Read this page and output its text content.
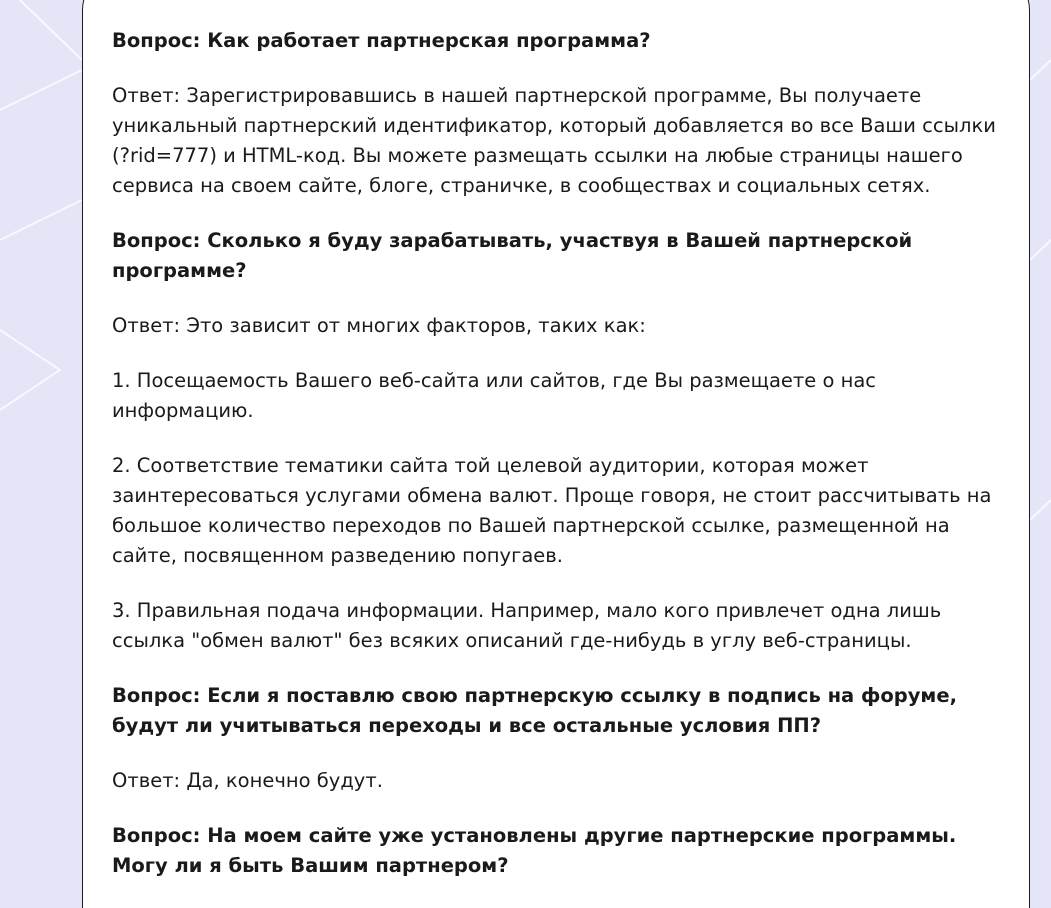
Вопрос: Как работает партнерская программа?

Ответ: Зарегистрировавшись в нашей партнерской программе, Вы получаете уникальный партнерский идентификатор, который добавляется во все Ваши ссылки (?rid=777) и HTML-код. Вы можете размещать ссылки на любые страницы нашего сервиса на своем сайте, блоге, страничке, в сообществах и социальных сетях.

Вопрос: Сколько я буду зарабатывать, участвуя в Вашей партнерской программе?

Ответ: Это зависит от многих факторов, таких как:

1. Посещаемость Вашего веб-сайта или сайтов, где Вы размещаете о нас информацию.

2. Соответствие тематики сайта той целевой аудитории, которая может заинтересоваться услугами обмена валют. Проще говоря, не стоит рассчитывать на большое количество переходов по Вашей партнерской ссылке, размещенной на сайте, посвященном разведению попугаев.

3. Правильная подача информации. Например, мало кого привлечет одна лишь ссылка "обмен валют" без всяких описаний где-нибудь в углу веб-страницы.

Вопрос: Если я поставлю свою партнерскую ссылку в подпись на форуме, будут ли учитываться переходы и все остальные условия ПП?

Ответ: Да, конечно будут.

Вопрос: На моем сайте уже установлены другие партнерские программы. Могу ли я быть Вашим партнером?
